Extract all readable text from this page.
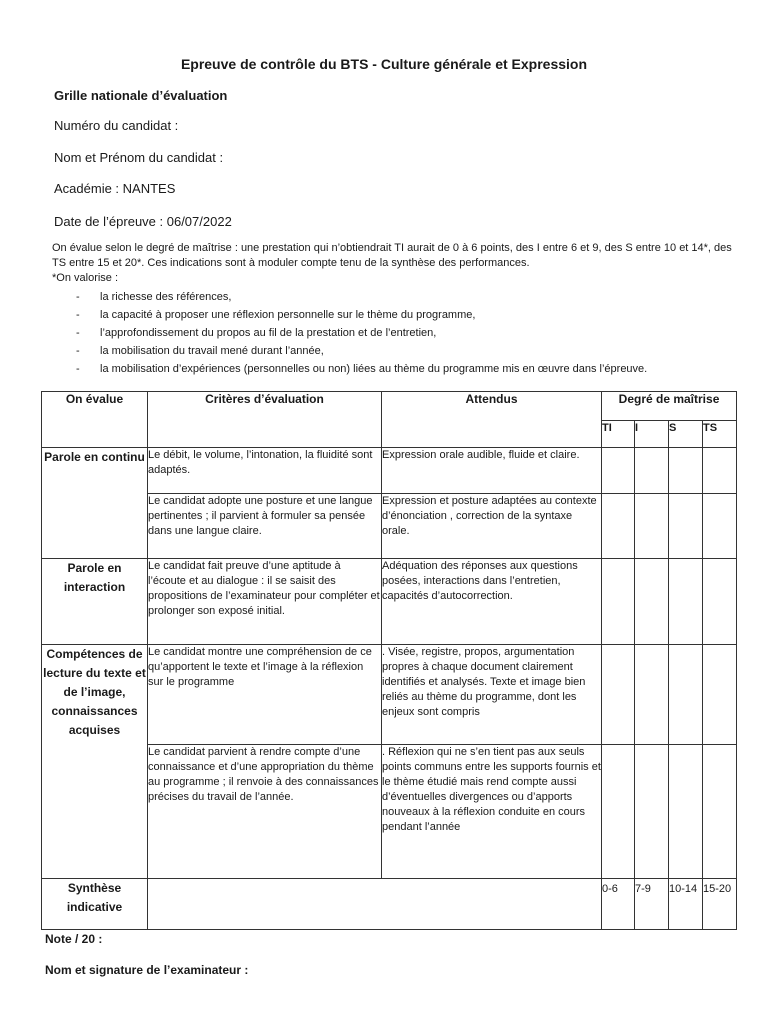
Epreuve de contrôle du BTS - Culture générale et Expression
Grille nationale d’évaluation
Numéro du candidat :
Nom et Prénom du candidat :
Académie : NANTES
Date de l’épreuve : 06/07/2022
On évalue selon le degré de maîtrise : une prestation qui n’obtiendrait TI aurait de 0 à 6 points, des I entre 6 et 9, des S entre 10 et 14*, des TS entre 15 et 20*. Ces indications sont à moduler compte tenu de la synthèse des performances.
*On valorise :
- la richesse des références,
- la capacité à proposer une réflexion personnelle sur le thème du programme,
- l’approfondissement du propos au fil de la prestation et de l’entretien,
- la mobilisation du travail mené durant l’année,
- la mobilisation d’expériences (personnelles ou non) liées au thème du programme mis en œuvre dans l’épreuve.
On évalue	Critères d’évaluation	Attendus	Degré de maîtrise			
			TI	I	S	TS
Parole en continu	Le débit, le volume, l’intonation, la fluidité sont adaptés.	Expression orale audible, fluide et claire.				
	Le candidat adopte une posture et une langue pertinentes ; il parvient à formuler sa pensée dans une langue claire.	Expression et posture adaptées au contexte d’énonciation , correction de la syntaxe orale.				
Parole en interaction	Le candidat fait preuve d’une aptitude à l’écoute et au dialogue : il se saisit des propositions de l’examinateur pour compléter et prolonger son exposé initial.	Adéquation des réponses aux questions posées, interactions dans l’entretien, capacités d’autocorrection.				
Compétences de lecture du texte et de l’image, connaissances acquises	Le candidat montre une compréhension de ce qu’apportent le texte et l’image à la réflexion sur le programme	. Visée, registre, propos, argumentation propres à chaque document clairement identifiés et analysés. Texte et image bien reliés au thème du programme, dont les enjeux sont compris				
	Le candidat parvient à rendre compte d’une connaissance et d’une appropriation du thème au programme ; il renvoie à des connaissances précises du travail de l’année.	. Réflexion qui ne s’en tient pas aux seuls points communs entre les supports fournis et le thème étudié mais rend compte aussi d’éventuelles divergences ou d’apports nouveaux à la réflexion conduite en cours pendant l’année				
Synthèse indicative			0-6	7-9	10-14	15-20
Note / 20 :
Nom et signature de l’examinateur :
